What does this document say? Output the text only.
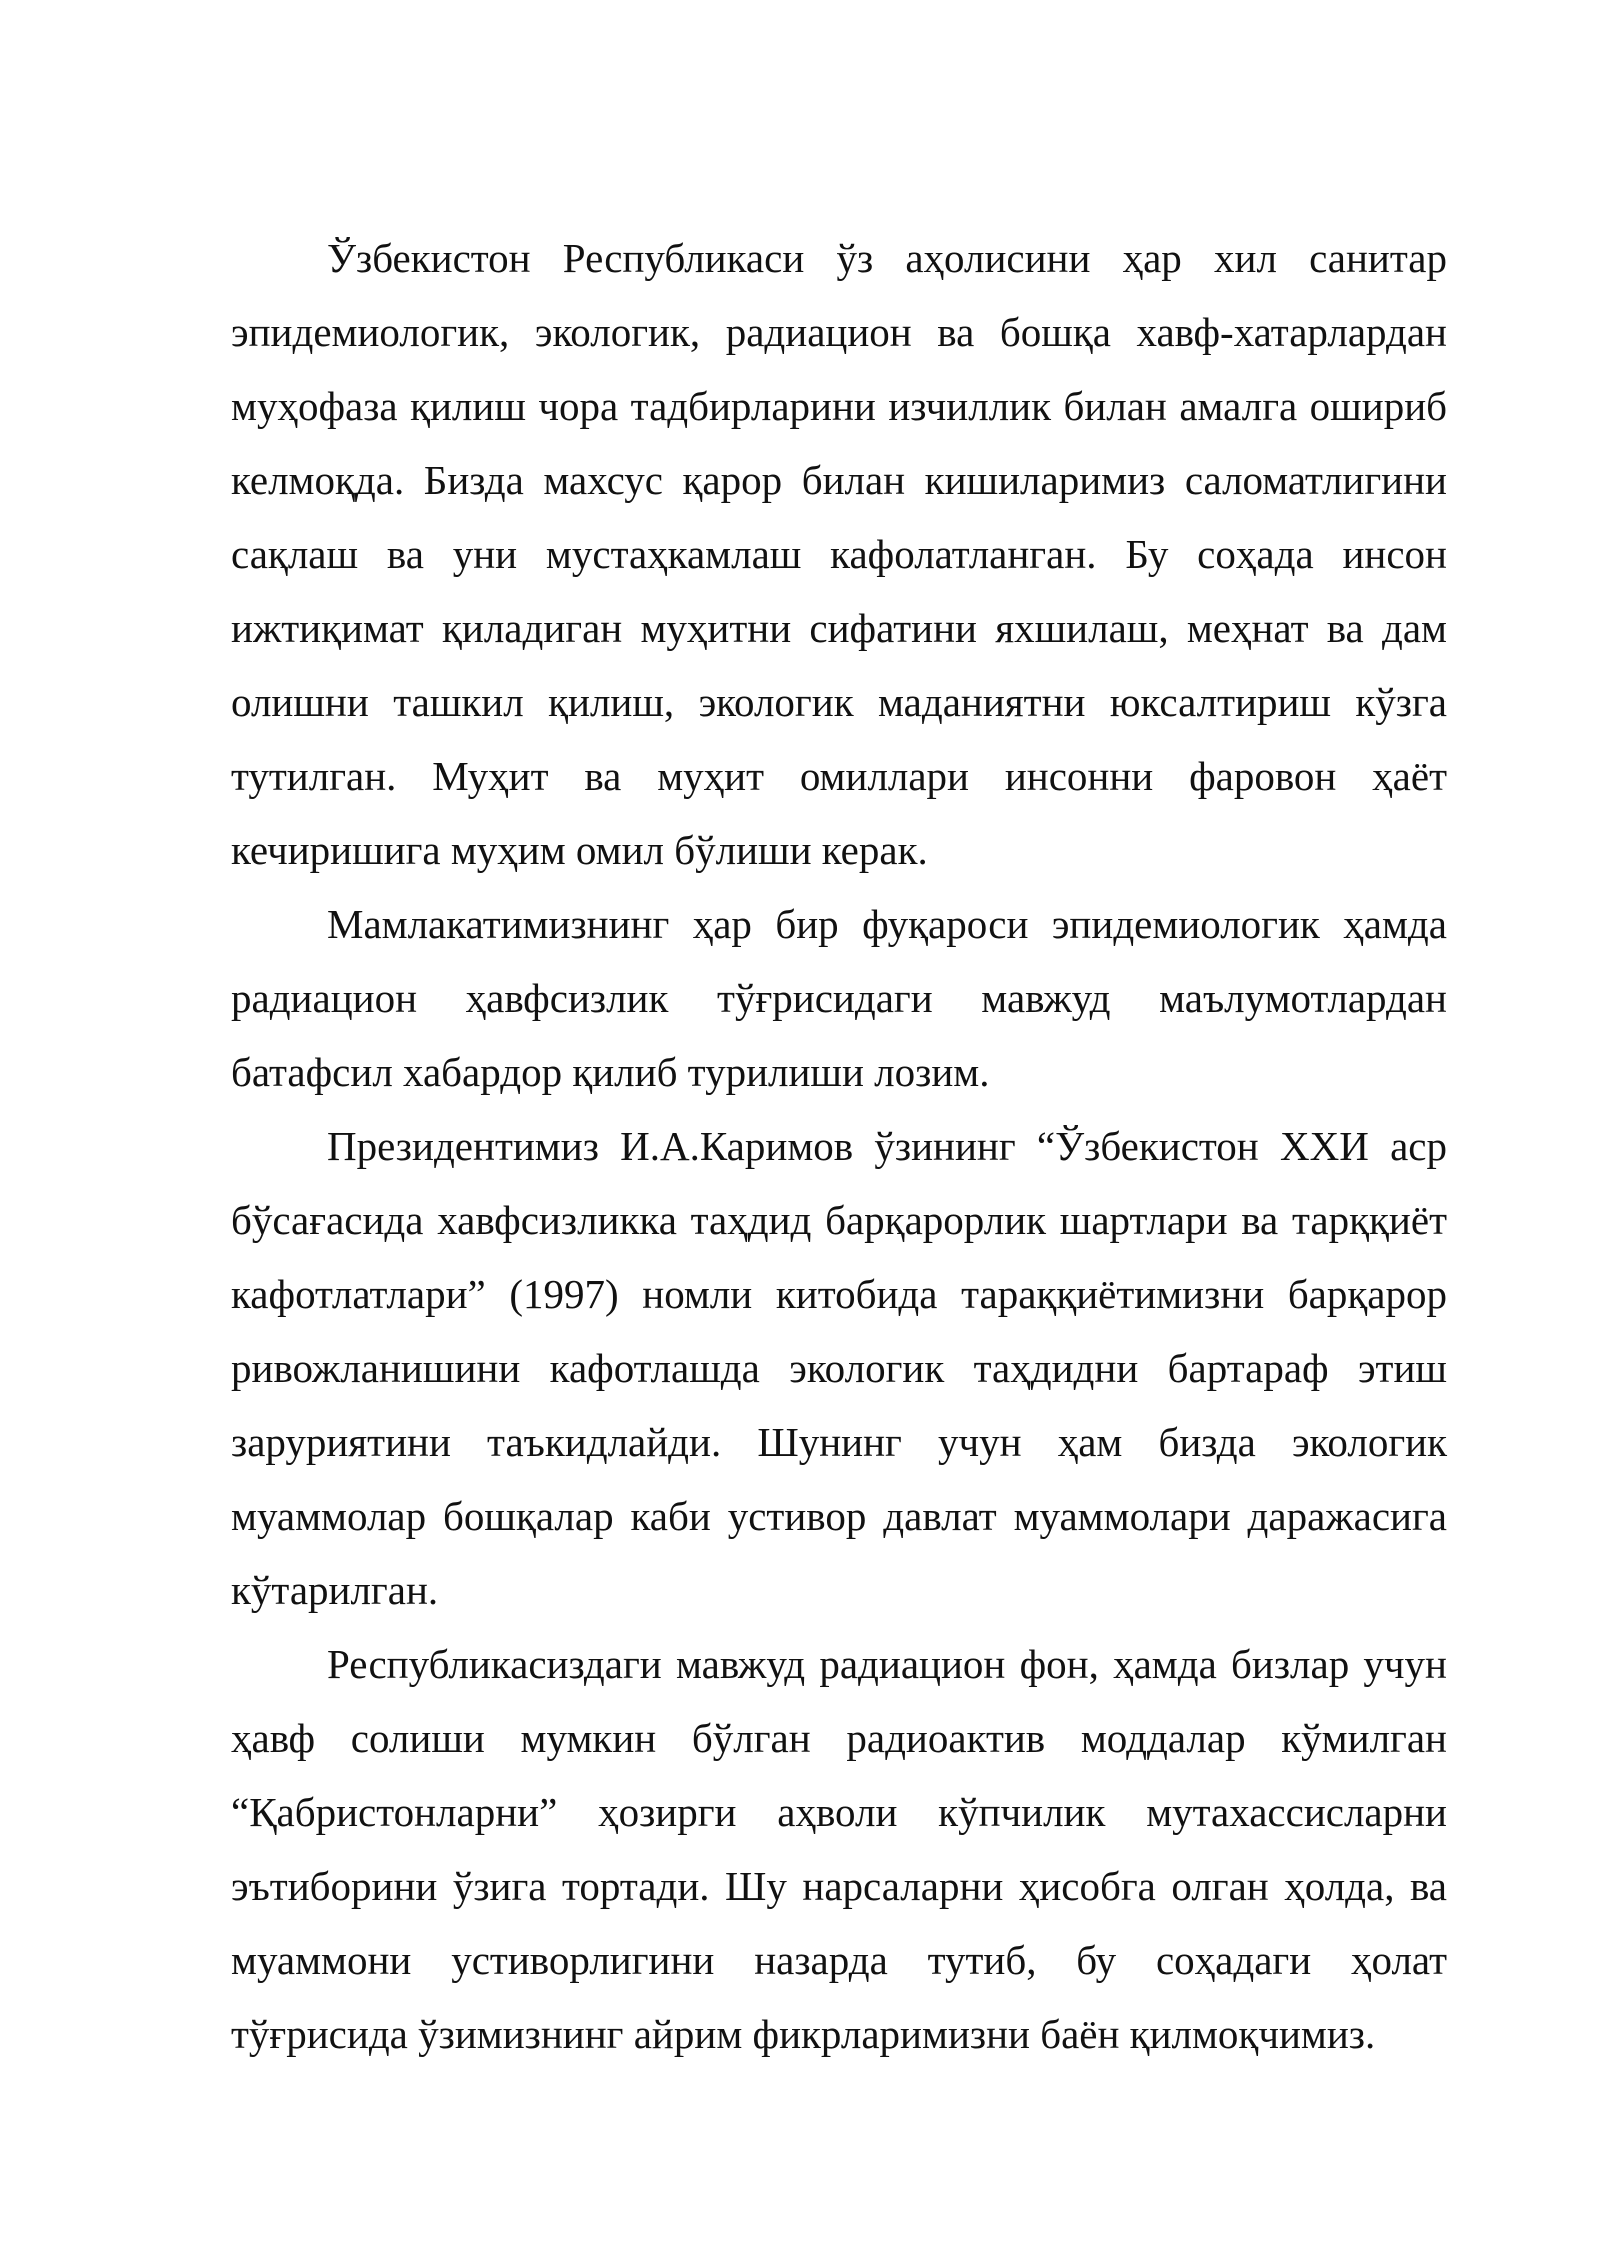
Ўзбекистон Республикаси ўз аҳолисини ҳар хил санитар эпидемиологик, экологик, радиацион ва бошқа хавф-хатарлардан муҳофаза қилиш чора тадбирларини изчиллик билан амалга ошириб келмоқда. Бизда махсус қарор билан кишиларимиз саломатлигини сақлаш ва уни мустаҳкамлаш кафолатланган. Бу соҳада инсон ижтиқимат қиладиган муҳитни сифатини яхшилаш, меҳнат ва дам олишни ташкил қилиш, экологик маданиятни юксалтириш кўзга тутилган. Муҳит ва муҳит омиллари инсонни фаровон ҳаёт кечиришига муҳим омил бўлиши керак.

Мамлакатимизнинг ҳар бир фуқароси эпидемиологик ҳамда радиацион ҳавфсизлик тўғрисидаги мавжуд маълумотлардан батафсил хабардор қилиб турилиши лозим.

Президентимиз И.А.Каримов ўзининг “Ўзбекистон XXИ аср бўсағасида хавфсизликка таҳдид барқарорлик шартлари ва тарққиёт кафотлатлари” (1997) номли китобида тараққиётимизни барқарор ривожланишини кафотлашда экологик таҳдидни бартараф этиш заруриятини таъкидлайди. Шунинг учун ҳам бизда экологик муаммолар бошқалар каби устивор давлат муаммолари даражасига кўтарилган.

Республикасиздаги мавжуд радиацион фон, ҳамда бизлар учун ҳавф солиши мумкин бўлган радиоактив моддалар кўмилган “Қабристонларни” ҳозирги аҳволи кўпчилик мутахассисларни эътиборини ўзига тортади. Шу нарсаларни ҳисобга олган ҳолда, ва муаммони устиворлигини назарда тутиб, бу соҳадаги ҳолат тўғрисида ўзимизнинг айрим фикрларимизни баён қилмоқчимиз.
